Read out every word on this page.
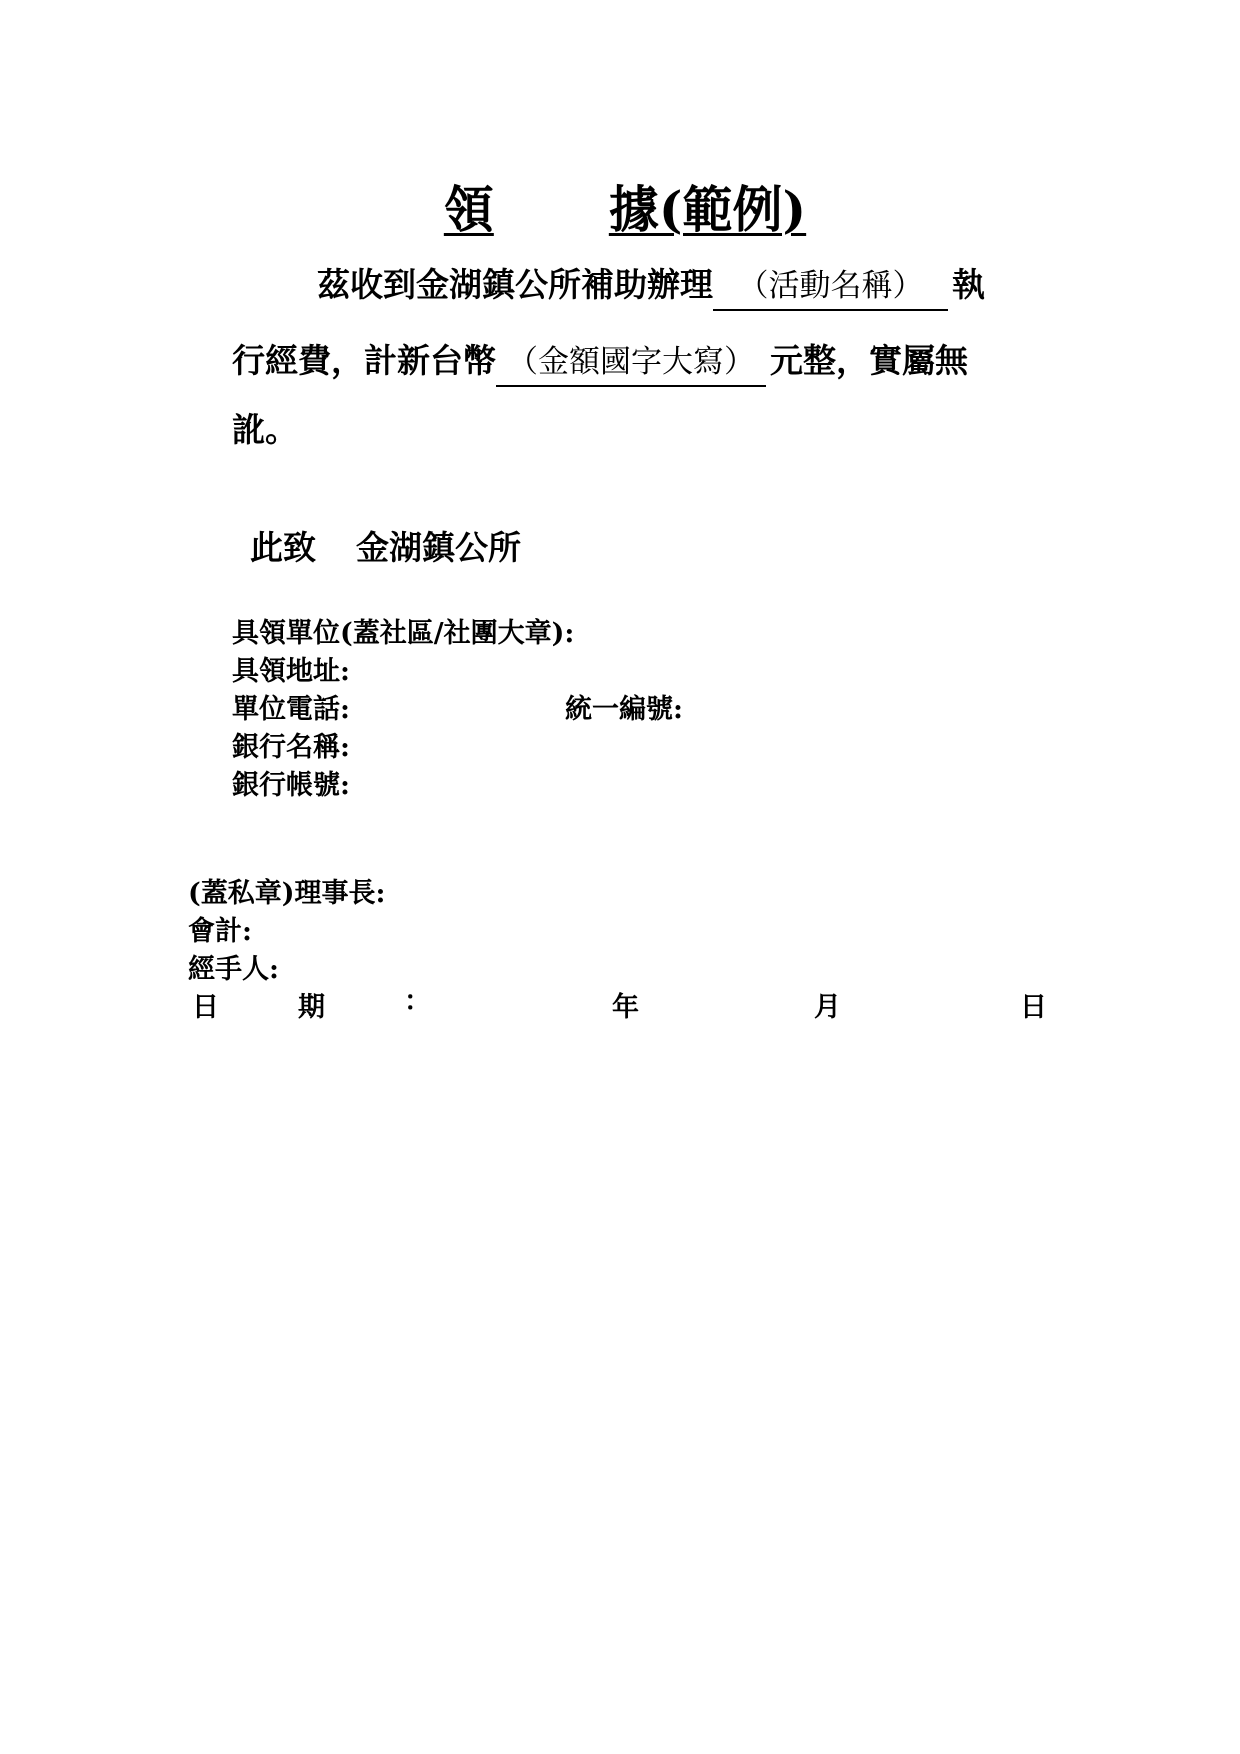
領 據(範例)
茲收到金湖鎮公所補助辦理 （活動名稱） 執
行經費，計新台幣 （金額國字大寫） 元整，實屬無
訛。
此致 金湖鎮公所
具領單位(蓋社區/社團大章):
具領地址:
單位電話:	統一編號:
銀行名稱:
銀行帳號:
(蓋私章)理事長:
會計:
經手人:
日	期	：	年	月	日
